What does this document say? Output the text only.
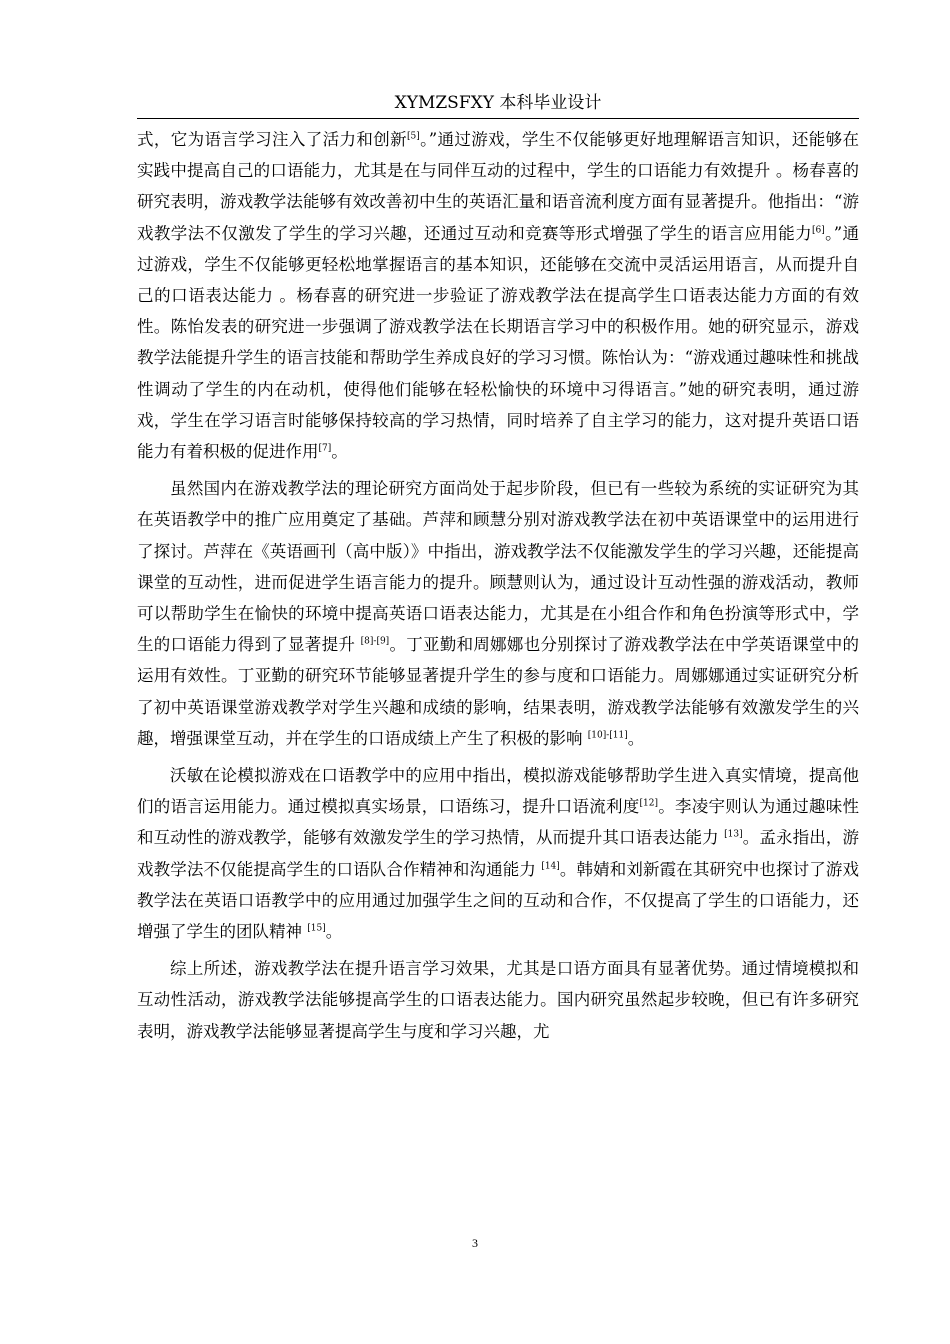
XYMZSFXY 本科毕业设计

式，它为语言学习注入了活力和创新[5]。”通过游戏，学生不仅能够更好地理解语言知识，还能够在实践中提高自己的口语能力，尤其是在与同伴互动的过程中，学生的口语能力有效提升 。杨春喜的研究表明，游戏教学法能够有效改善初中生的英语汇量和语音流利度方面有显著提升。他指出：“游戏教学法不仅激发了学生的学习兴趣，还通过互动和竞赛等形式增强了学生的语言应用能力[6]。”通过游戏，学生不仅能够更轻松地掌握语言的基本知识，还能够在交流中灵活运用语言，从而提升自己的口语表达能力 。杨春喜的研究进一步验证了游戏教学法在提高学生口语表达能力方面的有效性。陈怡发表的研究进一步强调了游戏教学法在长期语言学习中的积极作用。她的研究显示，游戏教学法能提升学生的语言技能和帮助学生养成良好的学习习惯。陈怡认为：“游戏通过趣味性和挑战性调动了学生的内在动机，使得他们能够在轻松愉快的环境中习得语言。”她的研究表明，通过游戏，学生在学习语言时能够保持较高的学习热情，同时培养了自主学习的能力，这对提升英语口语能力有着积极的促进作用[7]。

虽然国内在游戏教学法的理论研究方面尚处于起步阶段，但已有一些较为系统的实证研究为其在英语教学中的推广应用奠定了基础。芦萍和顾慧分别对游戏教学法在初中英语课堂中的运用进行了探讨。芦萍在《英语画刊（高中版）》中指出，游戏教学法不仅能激发学生的学习兴趣，还能提高课堂的互动性，进而促进学生语言能力的提升。顾慧则认为，通过设计互动性强的游戏活动，教师可以帮助学生在愉快的环境中提高英语口语表达能力，尤其是在小组合作和角色扮演等形式中，学生的口语能力得到了显著提升 [8]-[9]。丁亚勤和周娜娜也分别探讨了游戏教学法在中学英语课堂中的运用有效性。丁亚勤的研究环节能够显著提升学生的参与度和口语能力。周娜娜通过实证研究分析了初中英语课堂游戏教学对学生兴趣和成绩的影响，结果表明，游戏教学法能够有效激发学生的兴趣，增强课堂互动，并在学生的口语成绩上产生了积极的影响 [10]-[11]。

沃敏在论模拟游戏在口语教学中的应用中指出，模拟游戏能够帮助学生进入真实情境，提高他们的语言运用能力。通过模拟真实场景，口语练习，提升口语流利度[12]。李凌宇则认为通过趣味性和互动性的游戏教学，能够有效激发学生的学习热情，从而提升其口语表达能力 [13]。孟永指出，游戏教学法不仅能提高学生的口语队合作精神和沟通能力 [14]。韩婧和刘新霞在其研究中也探讨了游戏教学法在英语口语教学中的应用通过加强学生之间的互动和合作，不仅提高了学生的口语能力，还增强了学生的团队精神 [15]。

综上所述，游戏教学法在提升语言学习效果，尤其是口语方面具有显著优势。通过情境模拟和互动性活动，游戏教学法能够提高学生的口语表达能力。国内研究虽然起步较晚，但已有许多研究表明，游戏教学法能够显著提高学生与度和学习兴趣，尤

3
